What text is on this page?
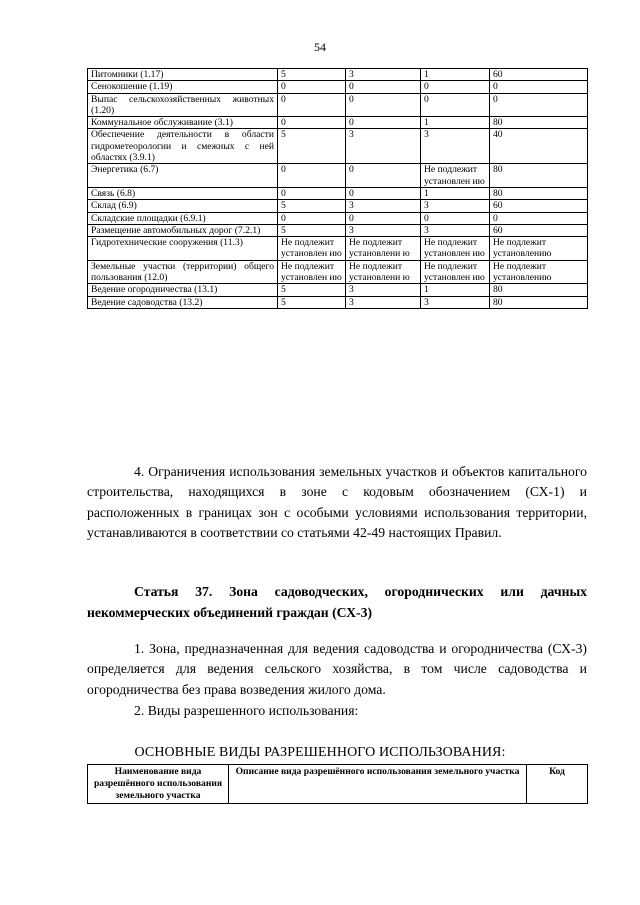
54
Питомники (1.17)	5	3	1	60
Сенокошение (1.19)	0	0	0	0
Выпас сельскохозяйственных животных (1.20)	0	0	0	0
Коммунальное обслуживание (3.1)	0	0	1	80
Обеспечение деятельности в области гидрометеорологии и смежных с ней областях (3.9.1)	5	3	3	40
Энергетика (6.7)	0	0	Не подлежит установлен ию	80
Связь (6.8)	0	0	1	80
Склад (6.9)	5	3	3	60
Складские площадки (6.9.1)	0	0	0	0
Размещение автомобильных дорог (7.2.1)	5	3	3	60
Гидротехнические сооружения (11.3)	Не подлежит установлен ию	Не подлежит установлени ю	Не подлежит установлен ию	Не подлежит установлению
Земельные участки (территории) общего пользования (12.0)	Не подлежит установлен ию	Не подлежит установлени ю	Не подлежит установлен ию	Не подлежит установлению
Ведение огородничества (13.1)	5	3	1	80
Ведение садоводства (13.2)	5	3	3	80

4. Ограничения использования земельных участков и объектов капитального строительства, находящихся в зоне с кодовым обозначением (СХ-1) и расположенных в границах зон с особыми условиями использования территории, устанавливаются в соответствии со статьями 42-49 настоящих Правил.

Статья 37. Зона садоводческих, огороднических или дачных некоммерческих объединений граждан (СХ-3)

1. Зона, предназначенная для ведения садоводства и огородничества (СХ-3) определяется для ведения сельского хозяйства, в том числе садоводства и огородничества без права возведения жилого дома.

2. Виды разрешенного использования:

ОСНОВНЫЕ ВИДЫ РАЗРЕШЕННОГО ИСПОЛЬЗОВАНИЯ:
Наименование вида разрешённого использования земельного участка	Описание вида разрешённого использования земельного участка	Код
